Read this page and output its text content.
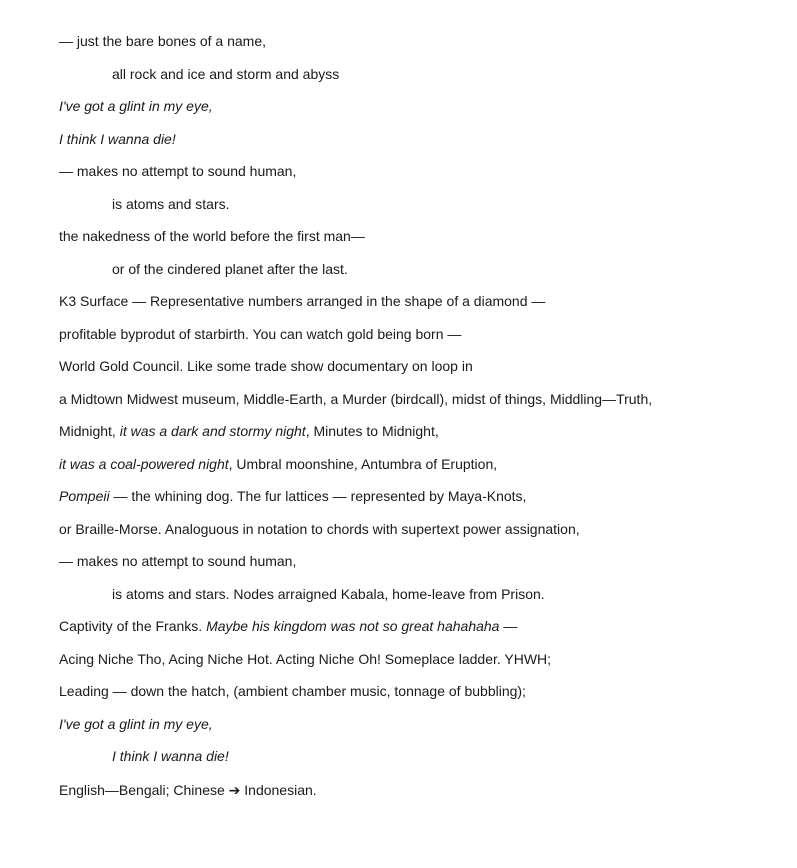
— just the bare bones of a name,
all rock and ice and storm and abyss
I've got a glint in my eye,
I think I wanna die!
— makes no attempt to sound human,
is atoms and stars.
the nakedness of the world before the first man—
or of the cindered planet after the last.
K3 Surface — Representative numbers arranged in the shape of a diamond —
profitable byprodut of starbirth. You can watch gold being born —
World Gold Council. Like some trade show documentary on loop in
a Midtown Midwest museum, Middle-Earth, a Murder (birdcall), midst of things, Middling—Truth,
Midnight, it was a dark and stormy night, Minutes to Midnight,
it was a coal-powered night, Umbral moonshine, Antumbra of Eruption,
Pompeii — the whining dog. The fur lattices — represented by Maya-Knots,
or Braille-Morse. Analoguous in notation to chords with supertext power assignation,
— makes no attempt to sound human,
is atoms and stars. Nodes arraigned Kabala, home-leave from Prison.
Captivity of the Franks. Maybe his kingdom was not so great hahahaha —
Acing Niche Tho, Acing Niche Hot. Acting Niche Oh! Someplace ladder. YHWH;
Leading — down the hatch, (ambient chamber music, tonnage of bubbling);
I've got a glint in my eye,
I think I wanna die!
English—Bengali; Chinese ➔ Indonesian.
